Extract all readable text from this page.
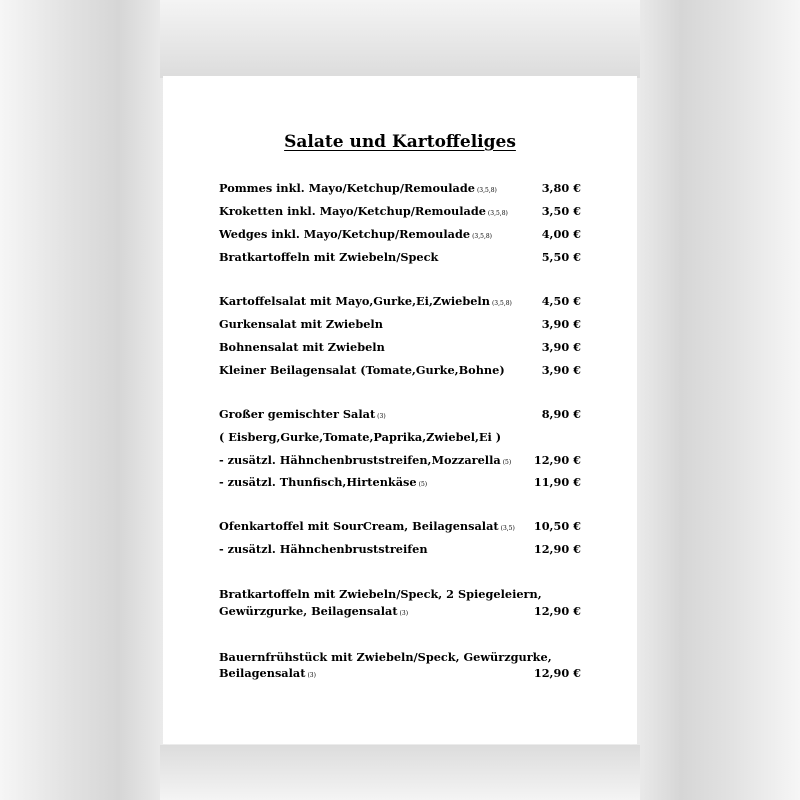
Salate und Kartoffeliges
Pommes inkl. Mayo/Ketchup/Remoulade (3,5,8)	3,80 €
Kroketten inkl. Mayo/Ketchup/Remoulade (3,5,8)	3,50 €
Wedges inkl. Mayo/Ketchup/Remoulade (3,5,8)	4,00 €
Bratkartoffeln mit Zwiebeln/Speck	5,50 €
Kartoffelsalat mit Mayo,Gurke,Ei,Zwiebeln (3,5,8)	4,50 €
Gurkensalat mit Zwiebeln	3,90 €
Bohnensalat mit Zwiebeln	3,90 €
Kleiner Beilagensalat (Tomate,Gurke,Bohne)	3,90 €
Großer gemischter Salat (3)	8,90 €
( Eisberg,Gurke,Tomate,Paprika,Zwiebel,Ei )
- zusätzl. Hähnchenbruststreifen,Mozzarella (5) 12,90 €
- zusätzl. Thunfisch,Hirtenkäse (5)	11,90 €
Ofenkartoffel mit SourCream, Beilagensalat (3,5) 10,50 €
- zusätzl. Hähnchenbruststreifen	12,90 €
Bratkartoffeln mit Zwiebeln/Speck, 2 Spiegeleiern,
Gewürzgurke, Beilagensalat (3)	12,90 €
Bauernfrühstück mit Zwiebeln/Speck, Gewürzgurke,
Beilagensalat (3)	12,90 €
